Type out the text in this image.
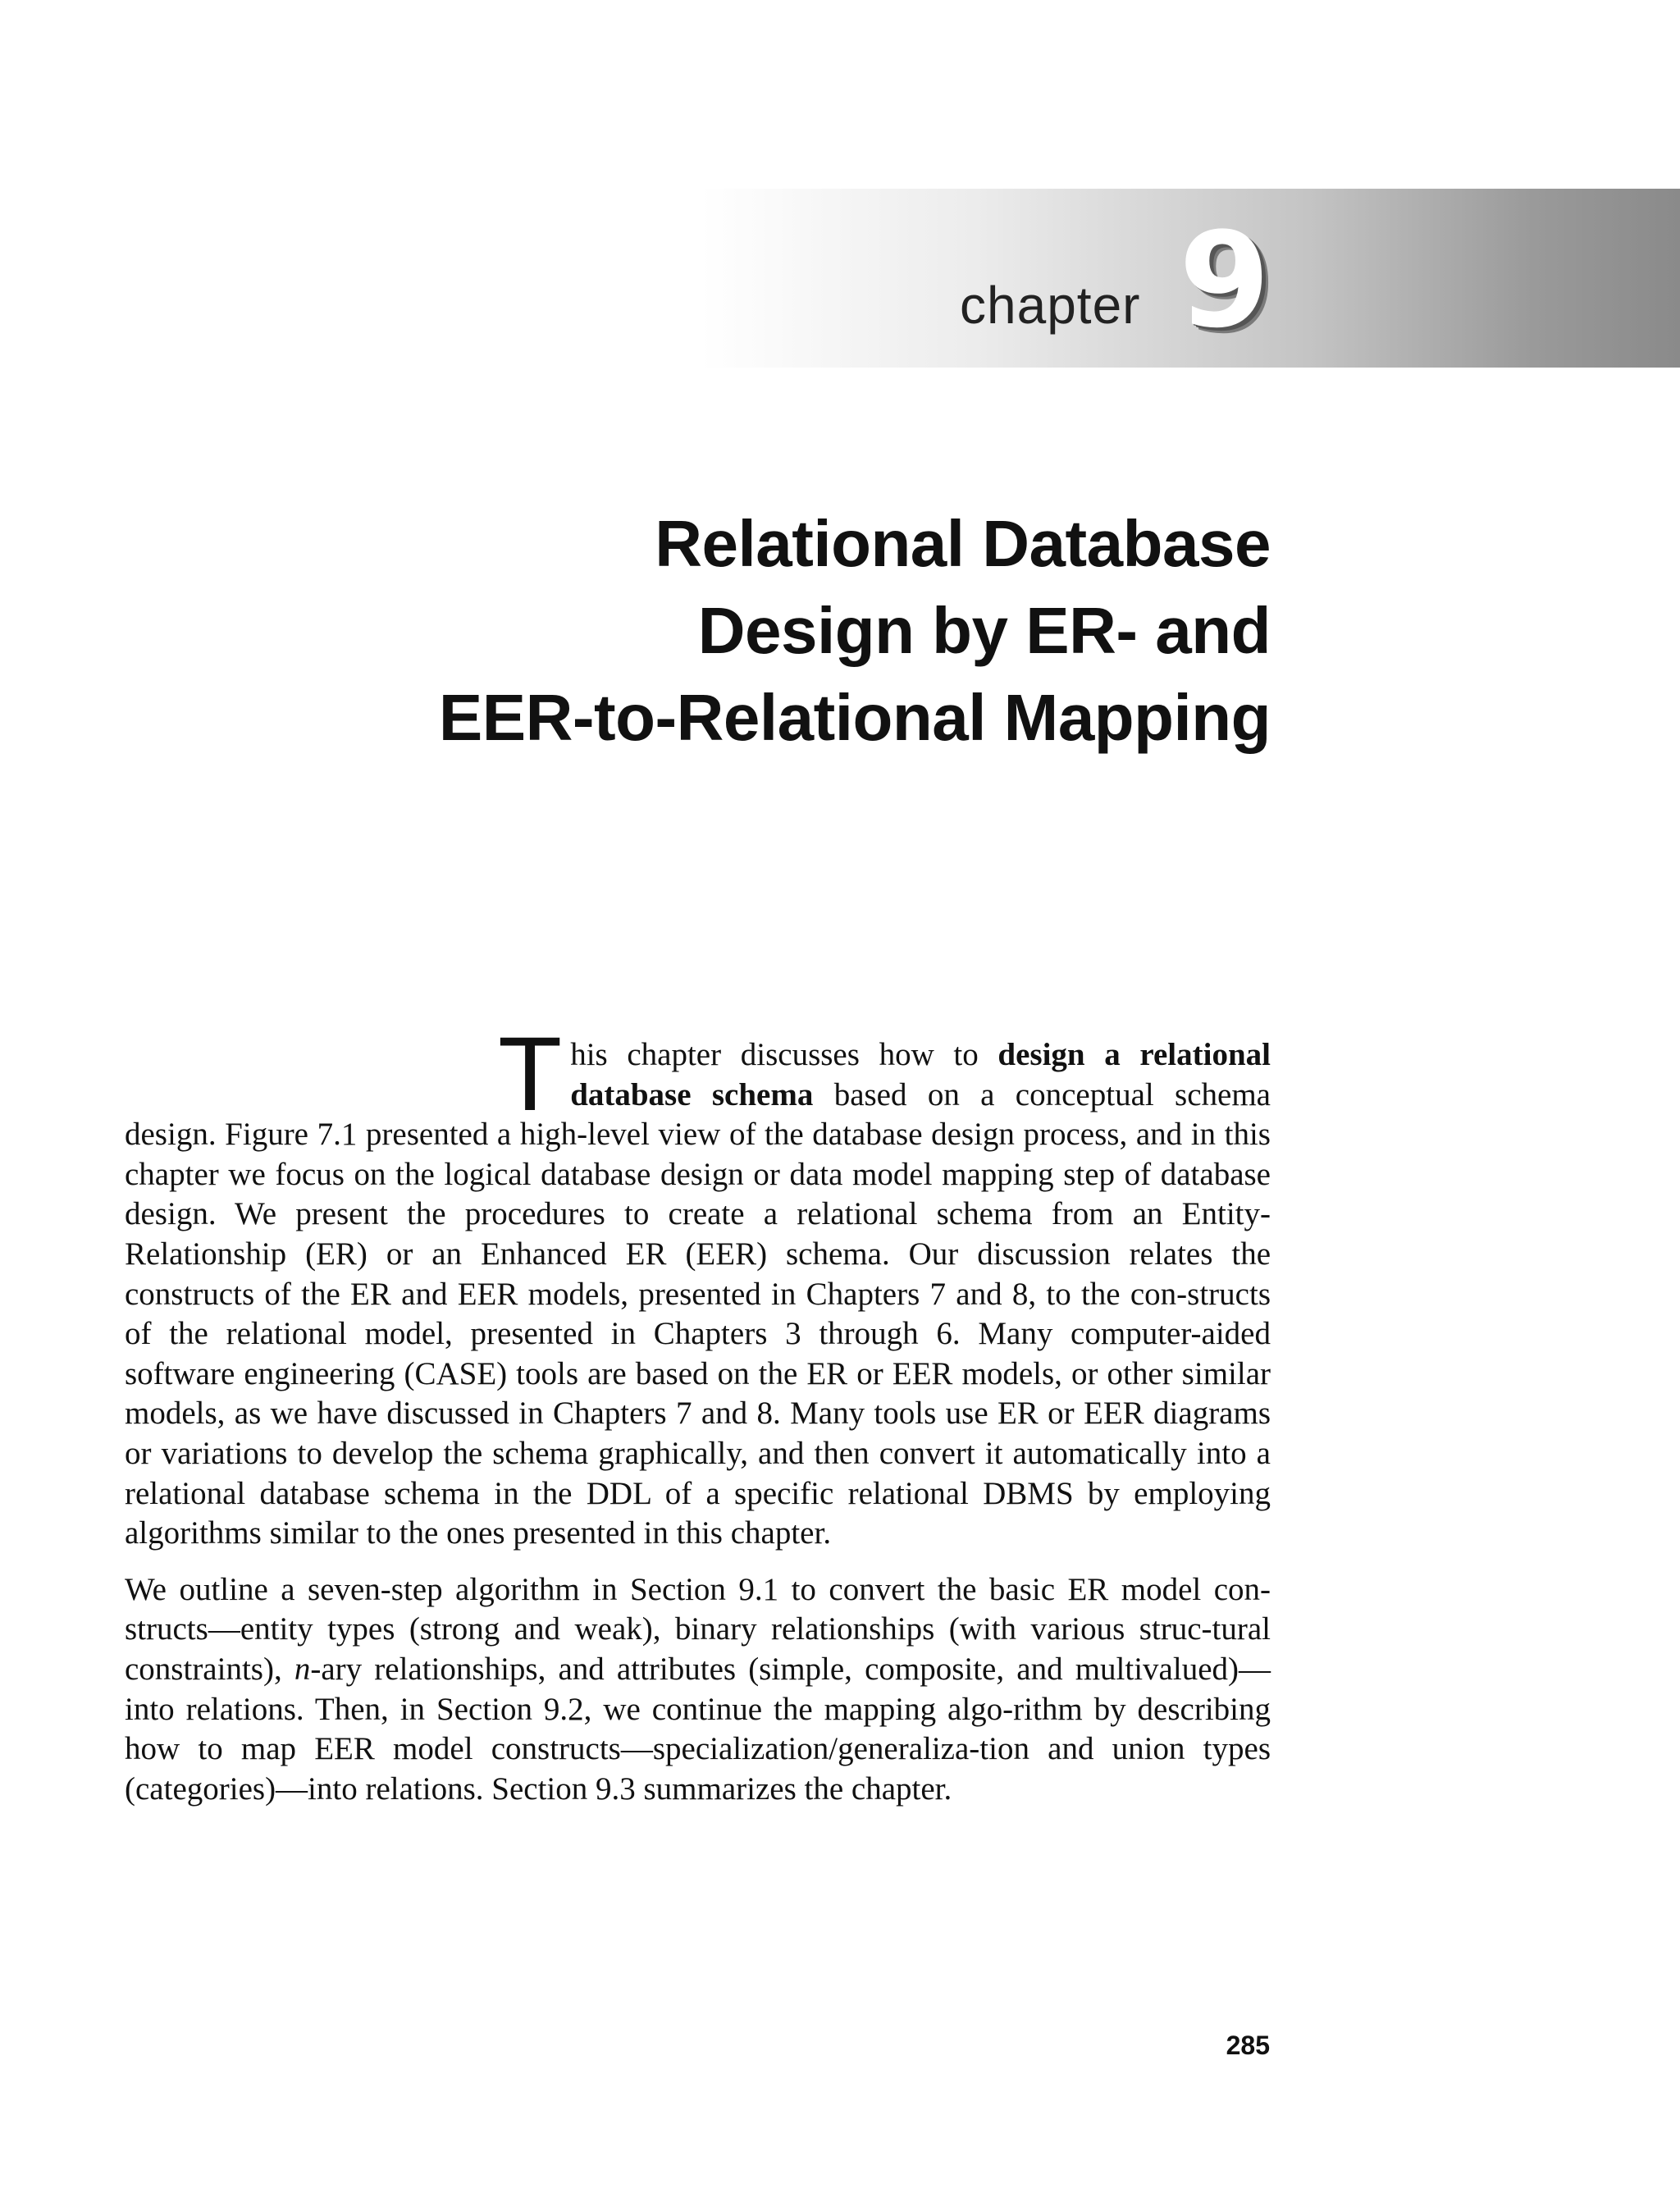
chapter 9
Relational Database
Design by ER- and
EER-to-Relational Mapping

This chapter discusses how to design a relational database schema based on a conceptual schema design. Figure 7.1 presented a high-level view of the database design process, and in this chapter we focus on the logical database design or data model mapping step of database design. We present the procedures to create a relational schema from an Entity-Relationship (ER) or an Enhanced ER (EER) schema. Our discussion relates the constructs of the ER and EER models, presented in Chapters 7 and 8, to the con-structs of the relational model, presented in Chapters 3 through 6. Many computer-aided software engineering (CASE) tools are based on the ER or EER models, or other similar models, as we have discussed in Chapters 7 and 8. Many tools use ER or EER diagrams or variations to develop the schema graphically, and then convert it automatically into a relational database schema in the DDL of a specific relational DBMS by employing algorithms similar to the ones presented in this chapter.

We outline a seven-step algorithm in Section 9.1 to convert the basic ER model con-structs—entity types (strong and weak), binary relationships (with various struc-tural constraints), n-ary relationships, and attributes (simple, composite, and multivalued)—into relations. Then, in Section 9.2, we continue the mapping algo-rithm by describing how to map EER model constructs—specialization/generaliza-tion and union types (categories)—into relations. Section 9.3 summarizes the chapter.

285
